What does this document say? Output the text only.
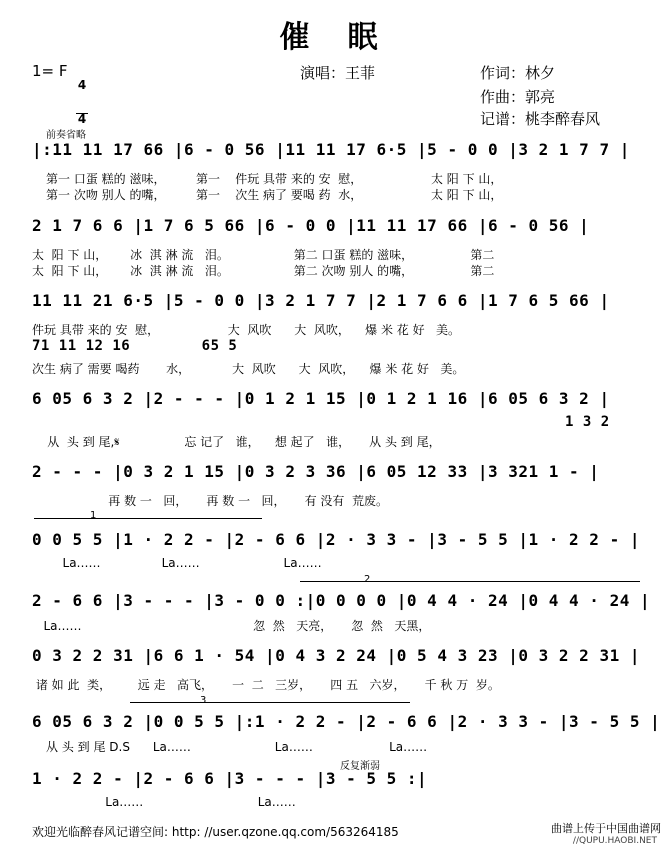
催　眠
1= F

4

4

演唱：王菲	作词：林夕
作曲：郭亮
记谱：桃李醉春风
前奏省略
|:11 11 17 66 |6 - 0 56 |11 11 17 6·5 |5 - 0 0 |3 2 1 7 7 |
第一 口蛋 糕的 滋味，        第一    件玩 具带 来的 安  慰，                  太 阳 下 山，
第一 次吻 别人 的嘴，        第一    次生 病了 要喝 药  水，                  太 阳 下 山，
2 1 7 6 6 |1 7 6 5 66 |6 - 0 0 |11 11 17 66 |6 - 0 56 |
太  阳 下 山，      冰  淇 淋 流   泪。                 第二 口蛋 糕的 滋味，               第二
太  阳 下 山，      冰  淇 淋 流   泪。                 第二 次吻 别人 的嘴，               第二
11 11 21 6·5 |5 - 0 0 |3 2 1 7 7 |2 1 7 6 6 |1 7 6 5 66 |
件玩 具带 来的 安  慰，                  大  风吹      大  风吹，    爆 米 花 好   美。
71 11 12 16        65 5
次生 病了 需要 喝药       水，           大  风吹      大  风吹，    爆 米 花 好   美。
6 05 6 3 2 |2 - - - |0 1 2 1 15 |0 1 2 1 16 |6 05 6 3 2 |
1 3 2
从  头 到 尾,𝄋                 忘 记了   谁，    想 起了   谁，     从 头 到 尾，
2 - - - |0 3 2 1 15 |0 3 2 3 36 |6 05 12 33 |3 321 1 - |
再 数 一   回，     再 数 一   回，     有 没有  荒废。
1
0 0 5 5 |1 · 2 2 - |2 - 6 6 |2 · 3 3 - |3 - 5 5 |1 · 2 2 - |
La……                La……                      La……
2
2 - 6 6 |3 - - - |3 - 0 0 :|0 0 0 0 |0 4 4 · 24 |0 4 4 · 24 |
La……                                             忽  然   天亮，     忽  然   天黑，
0 3 2 2 31 |6 6 1 · 54 |0 4 3 2 24 |0 5 4 3 23 |0 3 2 2 31 |
诸 如 此  类，       远 走   高飞，     一  二   三岁，     四 五   六岁，     千 秋 万  岁。
3
6 05 6 3 2 |0 0 5 5 |:1 · 2 2 - |2 - 6 6 |2 · 3 3 - |3 - 5 5 |
从 头 到 尾 D.S      La……                      La……                    La……
反复渐弱
1 · 2 2 - |2 - 6 6 |3 - - - |3 - 5 5 :|
La……                              La……
欢迎光临醉春风记谱空间: http: //user.qzone.qq.com/563264185	曲谱上传于中国曲谱网
//QUPU.HAOBI.NET
